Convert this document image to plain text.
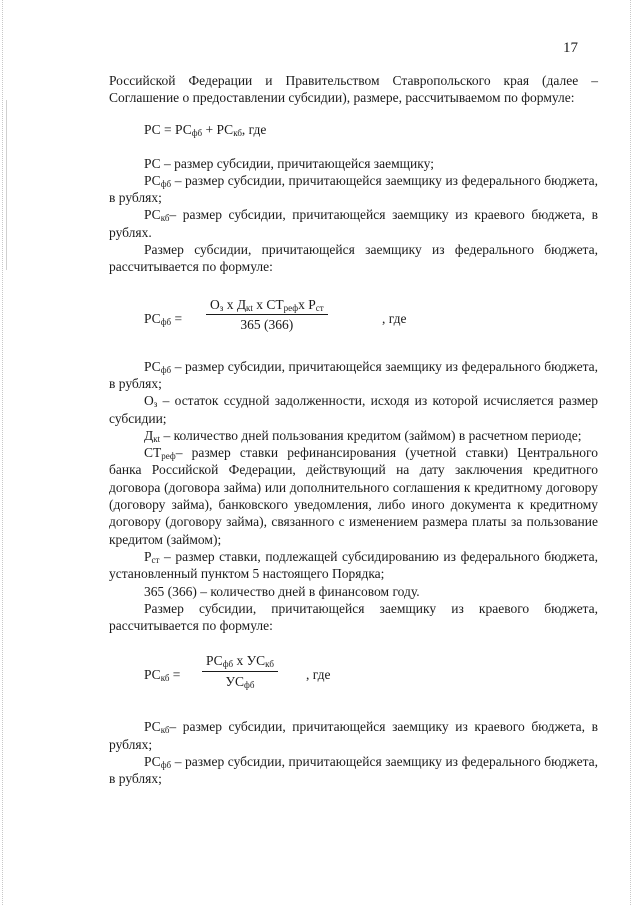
17

Российской Федерации и Правительством Ставропольского края (далее – Соглашение о предоставлении субсидии), размере, рассчитываемом по формуле:

РС = $РС_{фб} + РС_{кб}$, где

РС – размер субсидии, причитающейся заемщику;

$РС_{фб}$ – размер субсидии, причитающейся заемщику из федерального бюджета, в рублях;

$РС_{кб}-$ размер субсидии, причитающейся заемщику из краевого бюджета, в рублях.

Размер субсидии, причитающейся заемщику из федерального бюджета, рассчитывается по формуле:

$РС_{фб}$ =
$О_з$ х $Д_{кt}$ х $СТ_{реф}х$ $Р_{ст}$
365 (366)	, где

$РС_{фб}$ – размер субсидии, причитающейся заемщику из федерального бюджета, в рублях;

$О_з$ – остаток ссудной задолженности, исходя из которой исчисляется размер субсидии;

$Д_{кt}$ – количество дней пользования кредитом (займом) в расчетном периоде;

$СТ_{реф}-$ размер ставки рефинансирования (учетной ставки) Центрального банка Российской Федерации, действующий на дату заключения кредитного договора (договора займа) или дополнительного соглашения к кредитному договору (договору займа), банковского уведомления, либо иного документа к кредитному договору (договору займа), связанного с изменением размера платы за пользование кредитом (займом);

$Р_{ст}$ – размер ставки, подлежащей субсидированию из федерального бюджета, установленный пунктом 5 настоящего Порядка;

365 (366) – количество дней в финансовом году.

Размер субсидии, причитающейся заемщику из краевого бюджета, рассчитывается по формуле:

$РС_{кб}$ =
$РС_{фб}$ х $УС_{кб}$
$УС_{фб}$
, где

$РС_{кб}-$ размер субсидии, причитающейся заемщику из краевого бюджета, в рублях;

$РС_{фб}$ – размер субсидии, причитающейся заемщику из федерального бюджета, в рублях;
